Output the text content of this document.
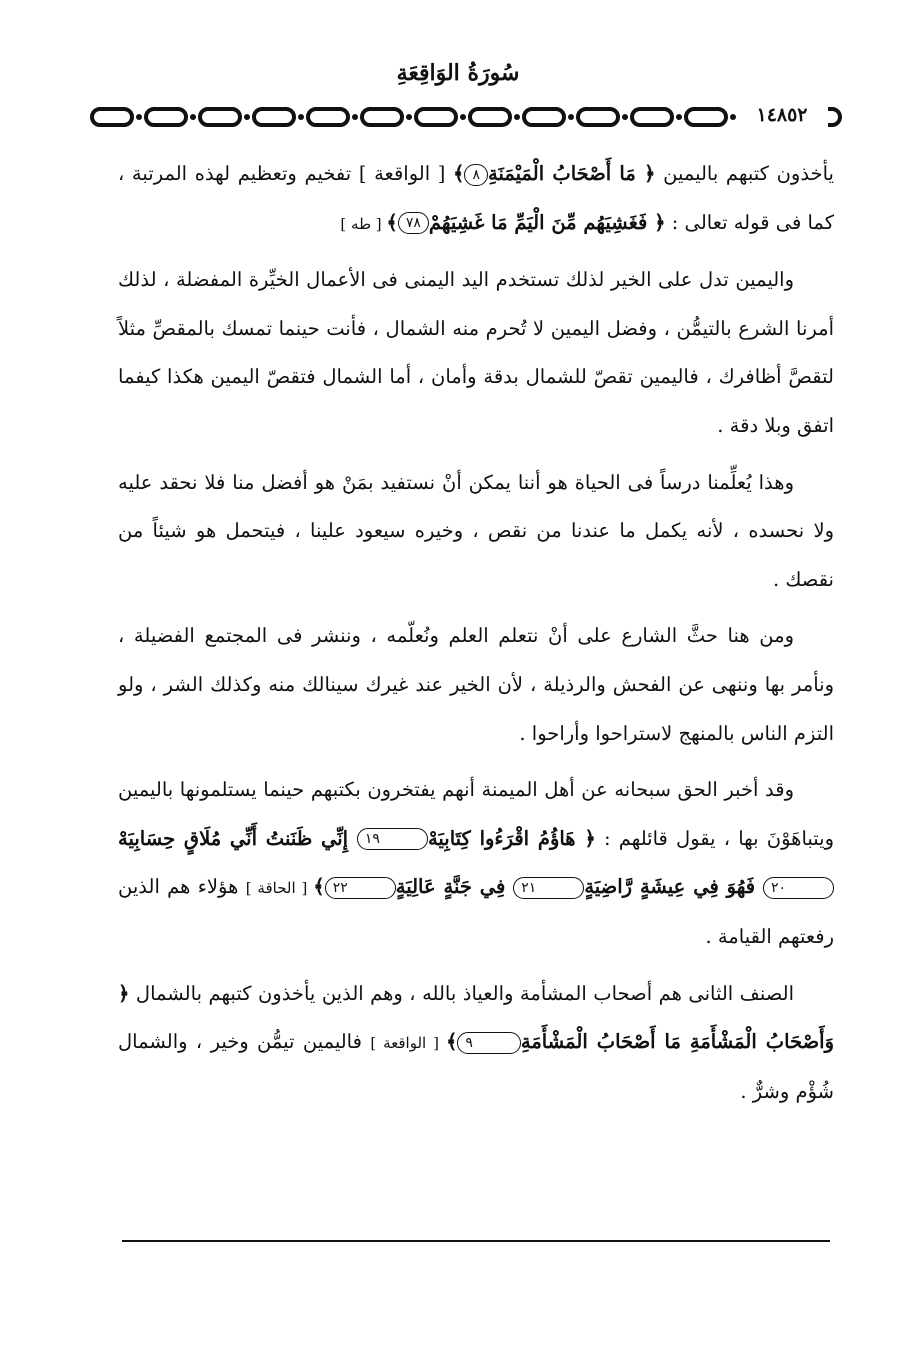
سُورَةُ الوَاقِعَةِ
١٤٨٥٢

يأخذون كتبهم باليمين ﴿ مَا أَصْحَابُ الْمَيْمَنَةِ٨﴾ [ الواقعة ] تفخيم وتعظيم لهذه المرتبة ، كما فى قوله تعالى : ﴿ فَغَشِيَهُم مِّنَ الْيَمِّ مَا غَشِيَهُمْ٧٨﴾ [ طه ]

واليمين تدل على الخير لذلك تستخدم اليد اليمنى فى الأعمال الخيِّرة المفضلة ، لذلك أمرنا الشرع بالتيمُّن ، وفضل اليمين لا تُحرم منه الشمال ، فأنت حينما تمسك بالمقصِّ مثلاً لتقصَّ أظافرك ، فاليمين تقصّ للشمال بدقة وأمان ، أما الشمال فتقصّ اليمين هكذا كيفما اتفق وبلا دقة .

وهذا يُعلِّمنا درساً فى الحياة هو أننا يمكن أنْ نستفيد بمَنْ هو أفضل منا فلا نحقد عليه ولا نحسده ، لأنه يكمل ما عندنا من نقص ، وخيره سيعود علينا ، فيتحمل هو شيئاً من نقصك .

ومن هنا حثَّ الشارع على أنْ نتعلم العلم ونُعلّمه ، وننشر فى المجتمع الفضيلة ، ونأمر بها وننهى عن الفحش والرذيلة ، لأن الخير عند غيرك سينالك منه وكذلك الشر ، ولو التزم الناس بالمنهج لاستراحوا وأراحوا .

وقد أخبر الحق سبحانه عن أهل الميمنة أنهم يفتخرون بكتبهم حينما يستلمونها باليمين ويتباهَوْنَ بها ، يقول قائلهم : ﴿ هَاؤُمُ اقْرَءُوا كِتَابِيَهْ١٩ إِنِّي ظَنَنتُ أَنِّي مُلَاقٍ حِسَابِيَهْ٢٠ فَهُوَ فِي عِيشَةٍ رَّاضِيَةٍ٢١ فِي جَنَّةٍ عَالِيَةٍ٢٢﴾ [ الحاقة ] هؤلاء هم الذين رفعتهم القيامة .

الصنف الثانى هم أصحاب المشأمة والعياذ بالله ، وهم الذين يأخذون كتبهم بالشمال ﴿ وَأَصْحَابُ الْمَشْأَمَةِ مَا أَصْحَابُ الْمَشْأَمَةِ٩﴾ [ الواقعة ] فاليمين تيمُّن وخير ، والشمال شُؤْم وشرٌّ .
